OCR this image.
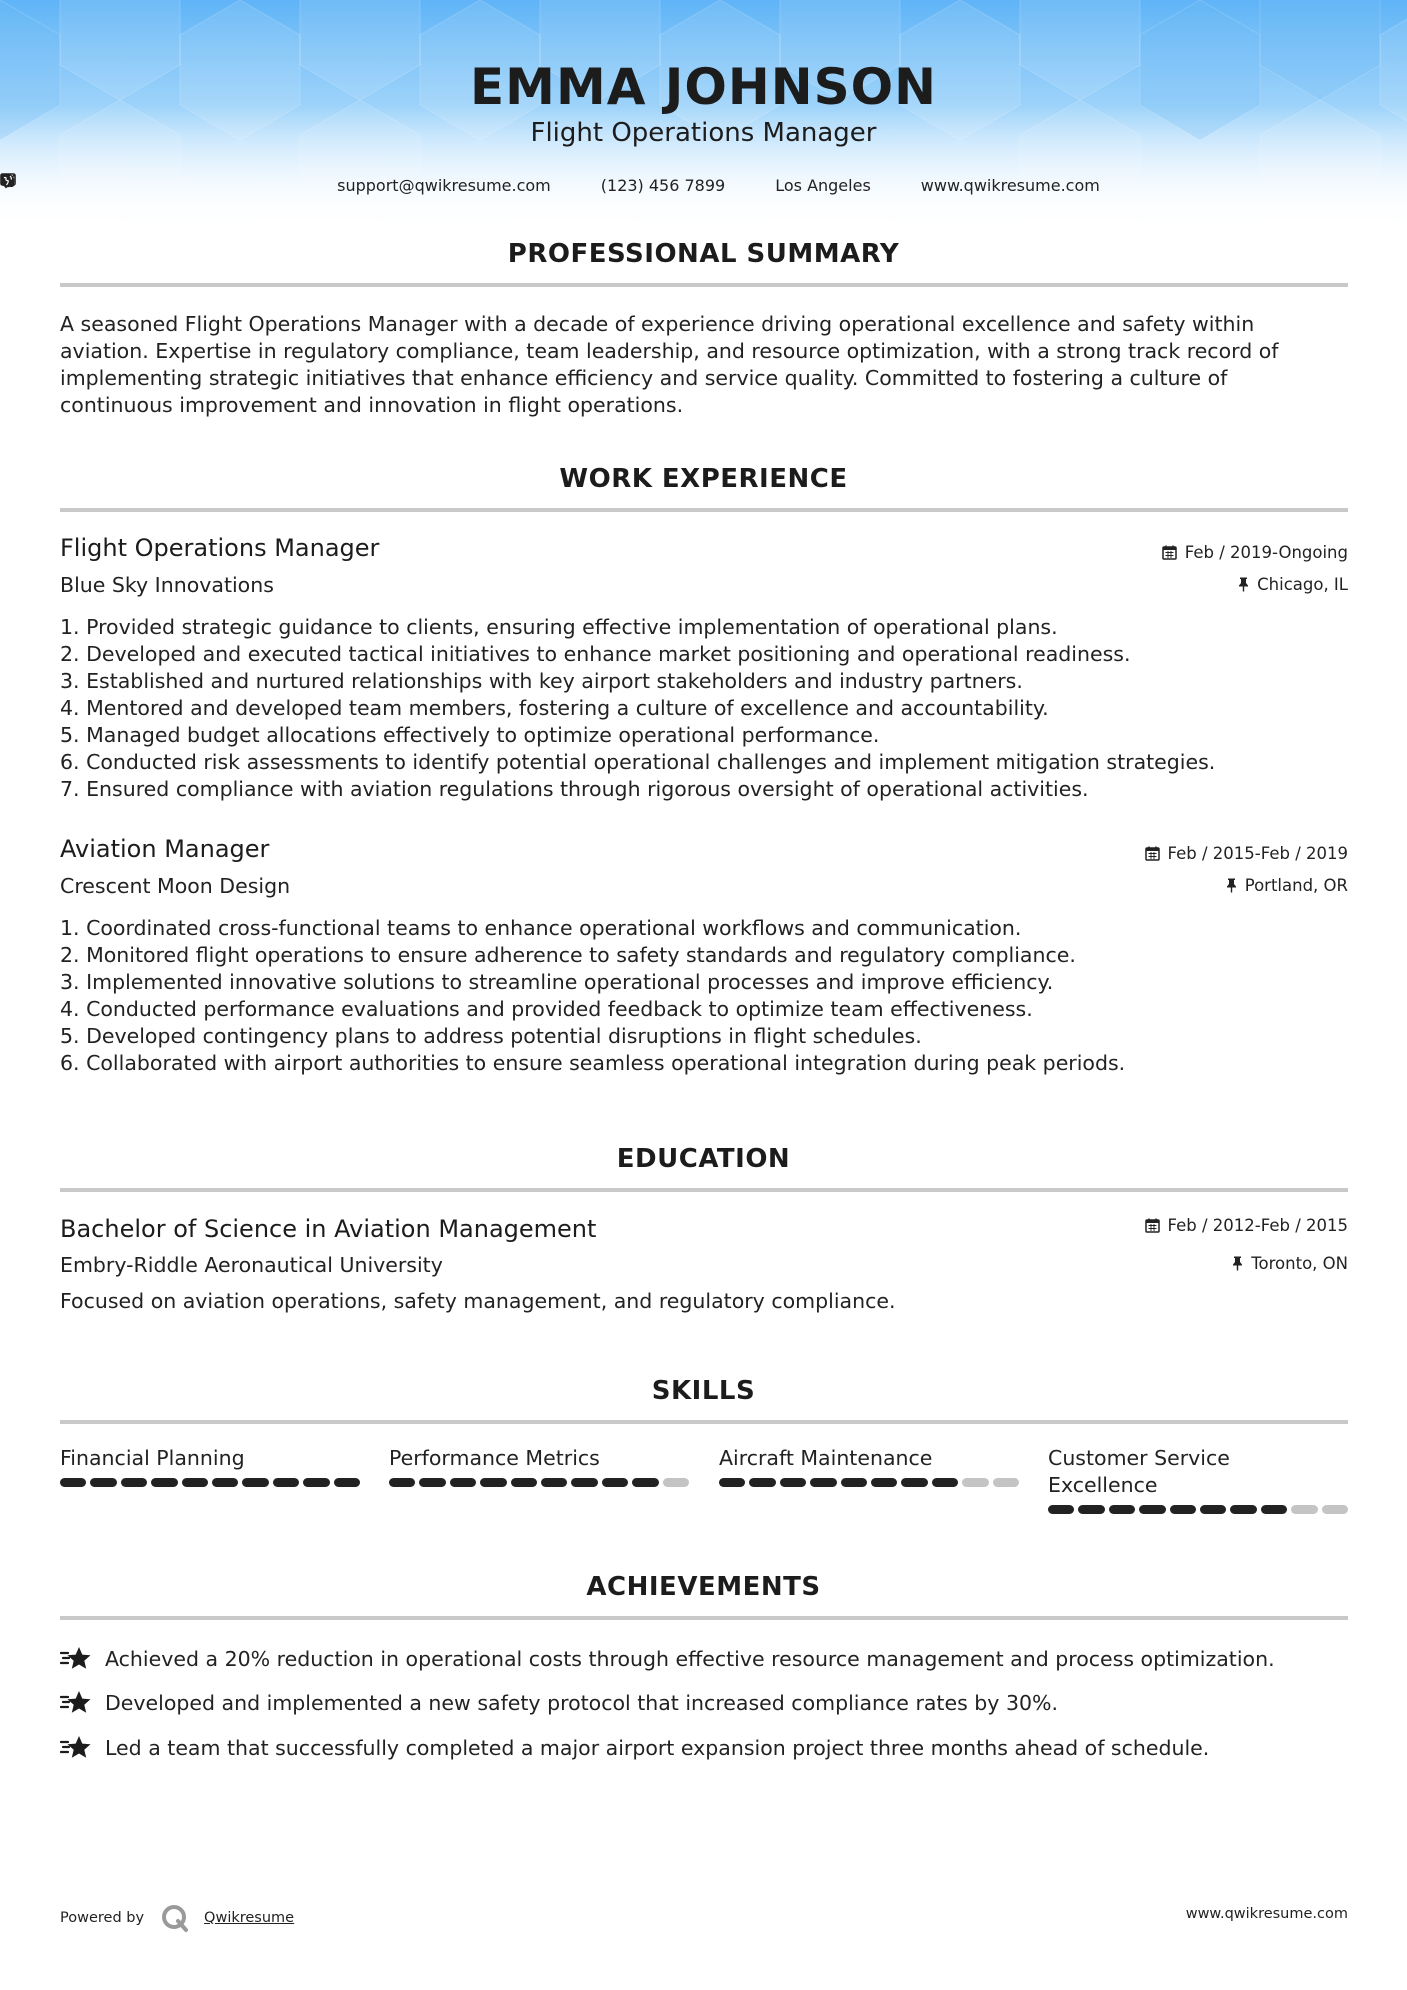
EMMA JOHNSON
Flight Operations Manager
support@qwikresume.com	(123) 456 7899	Los Angeles	www.qwikresume.com
PROFESSIONAL SUMMARY
A seasoned Flight Operations Manager with a decade of experience driving operational excellence and safety within
aviation. Expertise in regulatory compliance, team leadership, and resource optimization, with a strong track record of
implementing strategic initiatives that enhance efficiency and service quality. Committed to fostering a culture of
continuous improvement and innovation in flight operations.
WORK EXPERIENCE
Flight Operations Manager
Blue Sky Innovations
Feb / 2019-Ongoing
Chicago, IL
1. Provided strategic guidance to clients, ensuring effective implementation of operational plans.
2. Developed and executed tactical initiatives to enhance market positioning and operational readiness.
3. Established and nurtured relationships with key airport stakeholders and industry partners.
4. Mentored and developed team members, fostering a culture of excellence and accountability.
5. Managed budget allocations effectively to optimize operational performance.
6. Conducted risk assessments to identify potential operational challenges and implement mitigation strategies.
7. Ensured compliance with aviation regulations through rigorous oversight of operational activities.
Aviation Manager
Crescent Moon Design
Feb / 2015-Feb / 2019
Portland, OR
1. Coordinated cross-functional teams to enhance operational workflows and communication.
2. Monitored flight operations to ensure adherence to safety standards and regulatory compliance.
3. Implemented innovative solutions to streamline operational processes and improve efficiency.
4. Conducted performance evaluations and provided feedback to optimize team effectiveness.
5. Developed contingency plans to address potential disruptions in flight schedules.
6. Collaborated with airport authorities to ensure seamless operational integration during peak periods.
EDUCATION
Bachelor of Science in Aviation Management
Embry-Riddle Aeronautical University
Focused on aviation operations, safety management, and regulatory compliance.
Feb / 2012-Feb / 2015
Toronto, ON
SKILLS
Financial Planning	Performance Metrics	Aircraft Maintenance	Customer Service
Excellence
ACHIEVEMENTS
Achieved a 20% reduction in operational costs through effective resource management and process optimization.
Developed and implemented a new safety protocol that increased compliance rates by 30%.
Led a team that successfully completed a major airport expansion project three months ahead of schedule.
Powered by	Qwikresume	www.qwikresume.com
